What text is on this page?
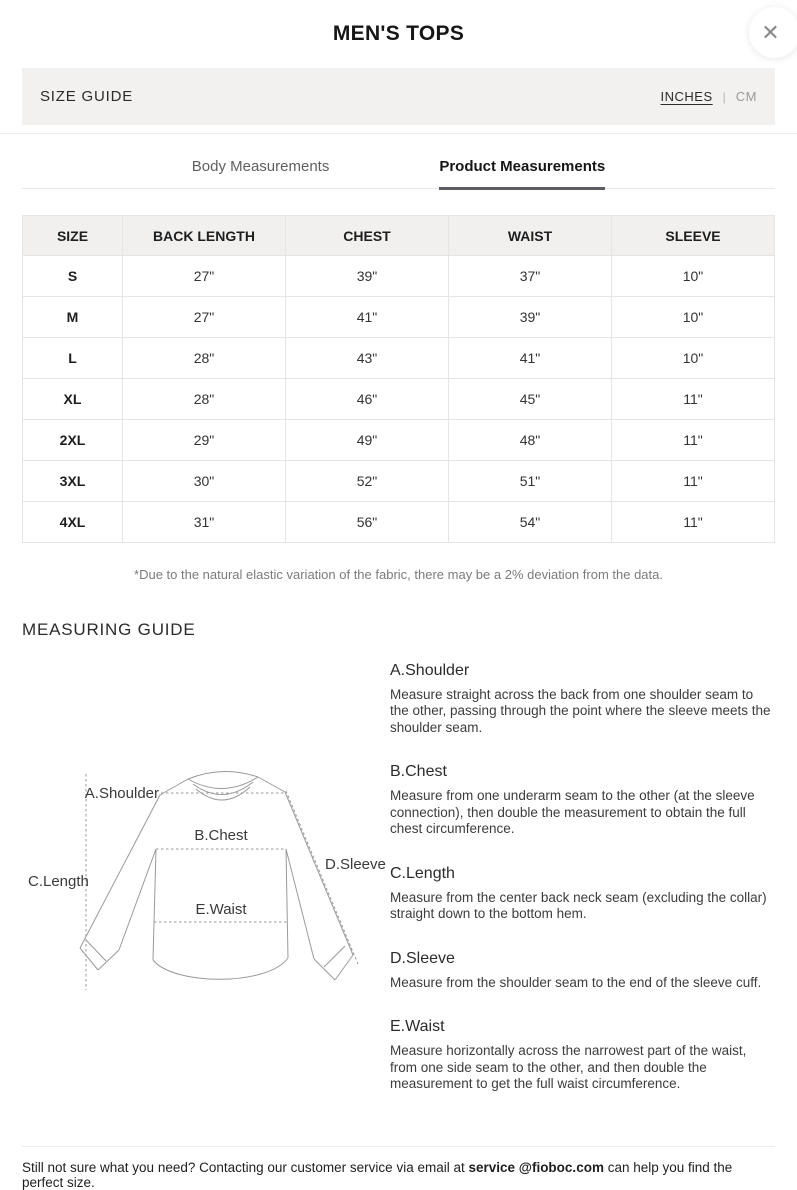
MEN'S TOPS	✕
SIZE GUIDE	INCHES | CM
Body Measurements	Product Measurements
SIZE	BACK LENGTH	CHEST	WAIST	SLEEVE
S	27"	39"	37"	10"
M	27"	41"	39"	10"
L	28"	43"	41"	10"
XL	28"	46"	45"	11"
2XL	29"	49"	48"	11"
3XL	30"	52"	51"	11"
4XL	31"	56"	54"	11"
*Due to the natural elastic variation of the fabric, there may be a 2% deviation from the data.
MEASURING GUIDE
A.Shoulder
B.Chest
C.Length
D.Sleeve
E.Waist
A.Shoulder

Measure straight across the back from one shoulder seam to the other, passing through the point where the sleeve meets the shoulder seam.

B.Chest

Measure from one underarm seam to the other (at the sleeve connection), then double the measurement to obtain the full chest circumference.

C.Length

Measure from the center back neck seam (excluding the collar) straight down to the bottom hem.

D.Sleeve

Measure from the shoulder seam to the end of the sleeve cuff.

E.Waist

Measure horizontally across the narrowest part of the waist, from one side seam to the other, and then double the measurement to get the full waist circumference.

Still not sure what you need? Contacting our customer service via email at service @fioboc.com can help you find the perfect size.
